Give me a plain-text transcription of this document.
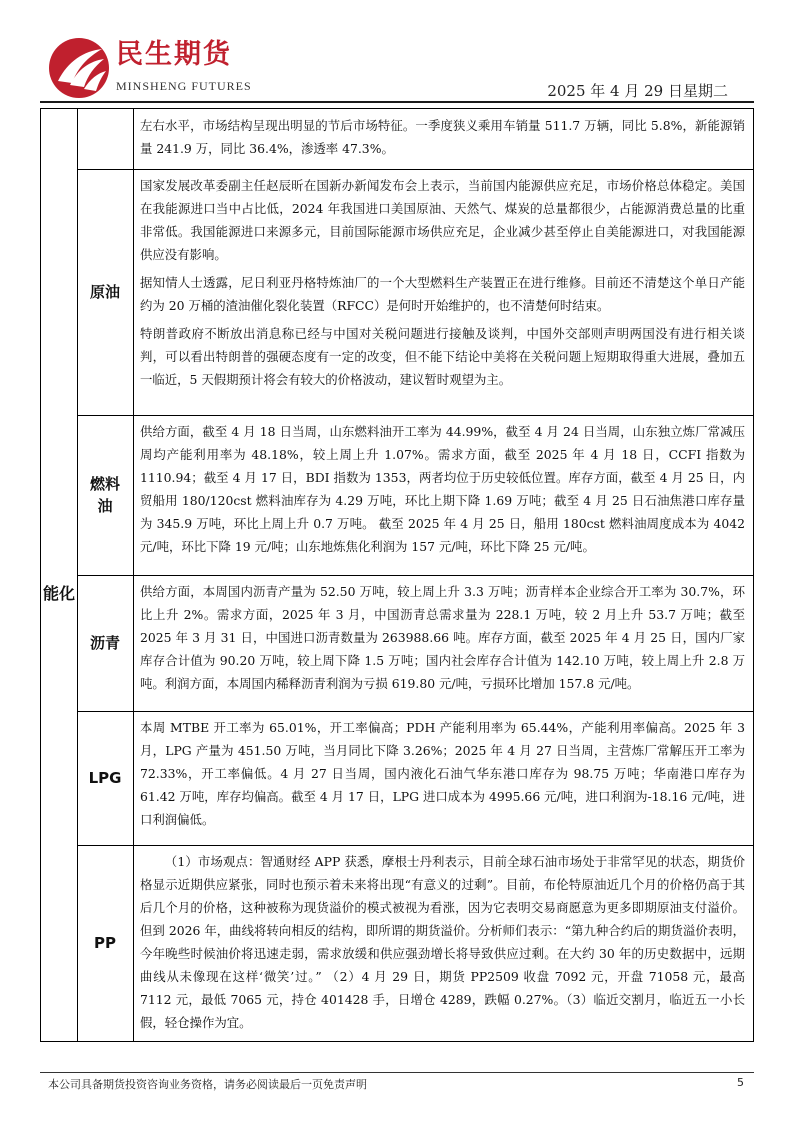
民生期货
MINSHENG FUTURES	2025 年 4 月 29 日星期二
能化

左右水平，市场结构呈现出明显的节后市场特征。一季度狭义乘用车销量 511.7 万辆，同比 5.8%，新能源销量 241.9 万，同比 36.4%，渗透率 47.3%。

原油

国家发展改革委副主任赵辰昕在国新办新闻发布会上表示，当前国内能源供应充足，市场价格总体稳定。美国在我能源进口当中占比低，2024 年我国进口美国原油、天然气、煤炭的总量都很少，占能源消费总量的比重非常低。我国能源进口来源多元，目前国际能源市场供应充足，企业减少甚至停止自美能源进口，对我国能源供应没有影响。

据知情人士透露，尼日利亚丹格特炼油厂的一个大型燃料生产装置正在进行维修。目前还不清楚这个单日产能约为 20 万桶的渣油催化裂化装置（RFCC）是何时开始维护的，也不清楚何时结束。

特朗普政府不断放出消息称已经与中国对关税问题进行接触及谈判，中国外交部则声明两国没有进行相关谈判，可以看出特朗普的强硬态度有一定的改变，但不能下结论中美将在关税问题上短期取得重大进展，叠加五一临近，5 天假期预计将会有较大的价格波动，建议暂时观望为主。

燃料
油

供给方面，截至 4 月 18 日当周，山东燃料油开工率为 44.99%，截至 4 月 24 日当周，山东独立炼厂常减压周均产能利用率为 48.18%，较上周上升 1.07%。需求方面，截至 2025 年 4 月 18 日，CCFI 指数为 1110.94；截至 4 月 17 日，BDI 指数为 1353，两者均位于历史较低位置。库存方面，截至 4 月 25 日，内贸船用 180/120cst 燃料油库存为 4.29 万吨，环比上期下降 1.69 万吨；截至 4 月 25 日石油焦港口库存量为 345.9 万吨，环比上周上升 0.7 万吨。 截至 2025 年 4 月 25 日，船用 180cst 燃料油周度成本为 4042 元/吨，环比下降 19 元/吨；山东地炼焦化利润为 157 元/吨，环比下降 25 元/吨。

沥青

供给方面，本周国内沥青产量为 52.50 万吨，较上周上升 3.3 万吨；沥青样本企业综合开工率为 30.7%，环比上升 2%。需求方面，2025 年 3 月，中国沥青总需求量为 228.1 万吨，较 2 月上升 53.7 万吨；截至 2025 年 3 月 31 日，中国进口沥青数量为 263988.66 吨。库存方面，截至 2025 年 4 月 25 日，国内厂家库存合计值为 90.20 万吨，较上周下降 1.5 万吨；国内社会库存合计值为 142.10 万吨，较上周上升 2.8 万吨。利润方面，本周国内稀释沥青利润为亏损 619.80 元/吨，亏损环比增加 157.8 元/吨。

LPG

本周 MTBE 开工率为 65.01%，开工率偏高；PDH 产能利用率为 65.44%，产能利用率偏高。2025 年 3 月，LPG 产量为 451.50 万吨，当月同比下降 3.26%；2025 年 4 月 27 日当周，主营炼厂常解压开工率为 72.33%，开工率偏低。4 月 27 日当周，国内液化石油气华东港口库存为 98.75 万吨；华南港口库存为 61.42 万吨，库存均偏高。截至 4 月 17 日，LPG 进口成本为 4995.66 元/吨，进口利润为-18.16 元/吨，进口利润偏低。

PP

（1）市场观点：智通财经 APP 获悉，摩根士丹利表示，目前全球石油市场处于非常罕见的状态，期货价格显示近期供应紧张，同时也预示着未来将出现“有意义的过剩”。目前，布伦特原油近几个月的价格仍高于其后几个月的价格，这种被称为现货溢价的模式被视为看涨，因为它表明交易商愿意为更多即期原油支付溢价。但到 2026 年，曲线将转向相反的结构，即所谓的期货溢价。分析师们表示：“第九种合约后的期货溢价表明，今年晚些时候油价将迅速走弱，需求放缓和供应强劲增长将导致供应过剩。在大约 30 年的历史数据中，远期曲线从未像现在这样‘微笑’过。” （2）4 月 29 日，期货 PP2509 收盘 7092 元，开盘 71058 元，最高 7112 元，最低 7065 元，持仓 401428 手，日增仓 4289，跌幅 0.27%。（3）临近交割月，临近五一小长假，轻仓操作为宜。

本公司具备期货投资咨询业务资格，请务必阅读最后一页免责声明	5
